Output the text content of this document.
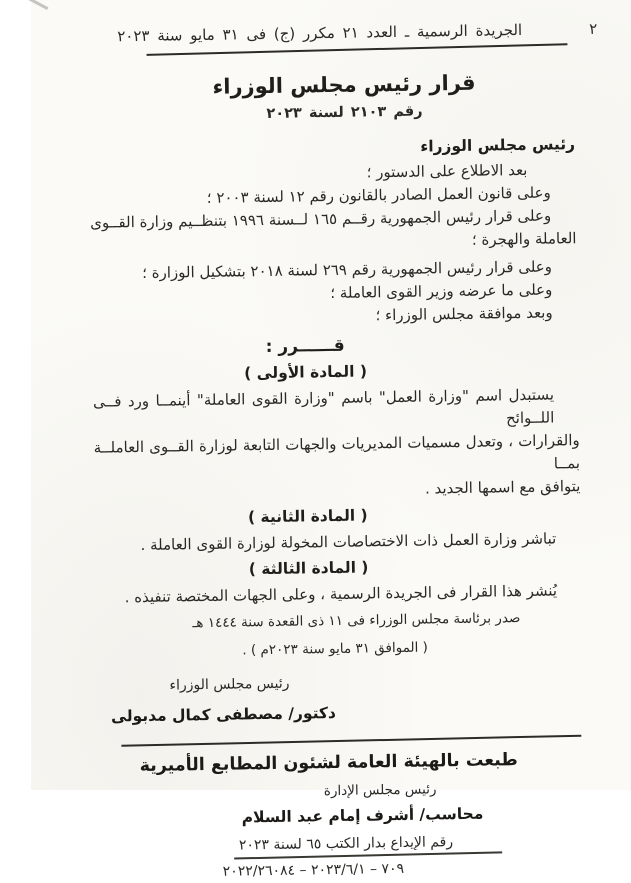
٢
الجريدة الرسمية ـ العدد ٢١ مكرر (ج) فى ٣١ مايو سنة ٢٠٢٣
قرار رئيس مجلس الوزراء
رقم ٢١٠٣ لسنة ٢٠٢٣
رئيس مجلس الوزراء
بعد الاطلاع على الدستور ؛
وعلى قانون العمل الصادر بالقانون رقم ١٢ لسنة ٢٠٠٣ ؛
وعلى قرار رئيس الجمهورية رقــم ١٦٥ لــسنة ١٩٩٦ بتنظــيم وزارة القــوى
العاملة والهجرة ؛
وعلى قرار رئيس الجمهورية رقم ٢٦٩ لسنة ٢٠١٨ بتشكيل الوزارة ؛
وعلى ما عرضه وزير القوى العاملة ؛
وبعد موافقة مجلس الوزراء ؛
قــــــرر :
( المادة الأولى )
يستبدل اسم "وزارة العمل" باسم "وزارة القوى العاملة" أينمــا ورد فــى اللــوائح
والقرارات ، وتعدل مسميات المديريات والجهات التابعة لوزارة القــوى العاملــة بمــا
يتوافق مع اسمها الجديد .
( المادة الثانية )
تباشر وزارة العمل ذات الاختصاصات المخولة لوزارة القوى العاملة .
( المادة الثالثة )
يُنشر هذا القرار فى الجريدة الرسمية ، وعلى الجهات المختصة تنفيذه .
صدر برئاسة مجلس الوزراء فى ١١ ذى القعدة سنة ١٤٤٤ هـ
( الموافق ٣١ مايو سنة ٢٠٢٣م ) .
رئيس مجلس الوزراء
دكتور/ مصطفى كمال مدبولى
طبعت بالهيئة العامة لشئون المطابع الأميرية
رئيس مجلس الإدارة
محاسب/ أشرف إمام عبد السلام
رقم الإيداع بدار الكتب ٦٥ لسنة ٢٠٢٣
٧٠٩ – ٢٠٢٣/٦/١ – ٢٠٢٢/٢٦٠٨٤
